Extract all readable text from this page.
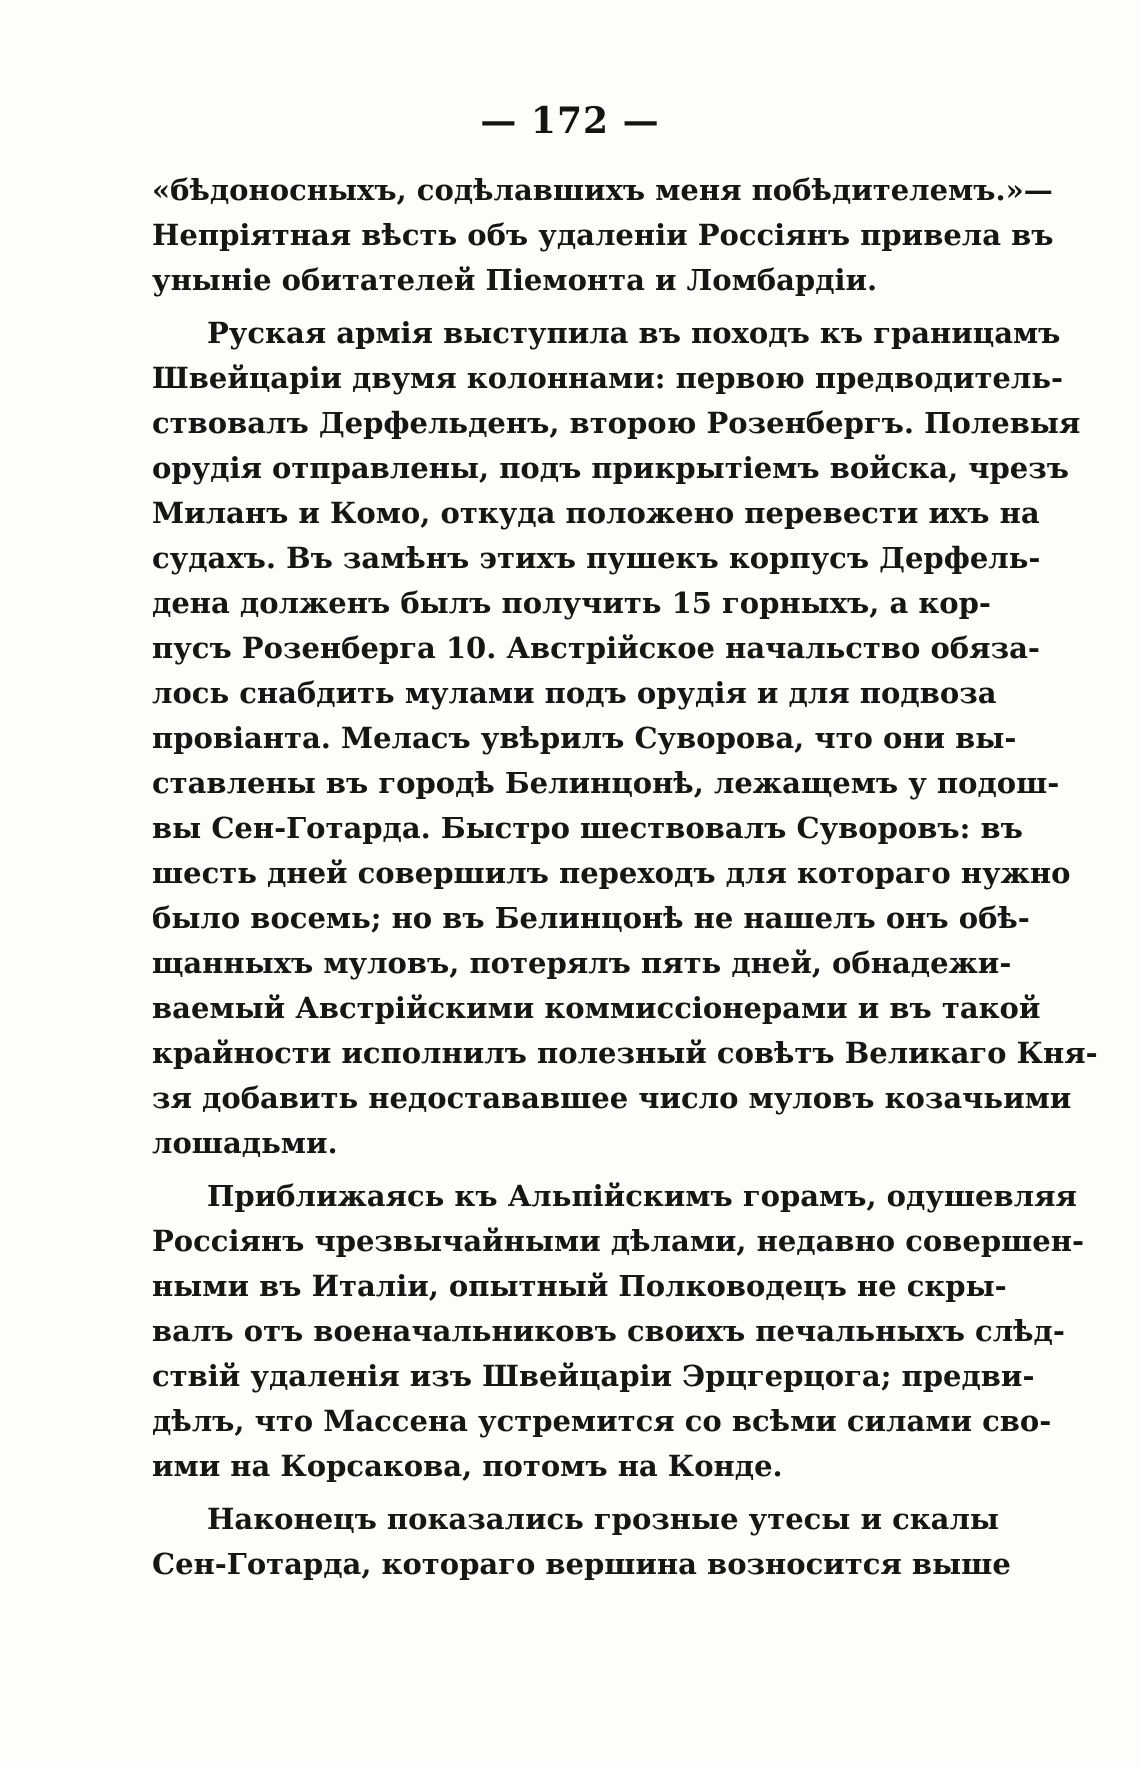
— 172 —
«бѣдоносныхъ, содѣлавшихъ меня побѣдителемъ.»—
Непріятная вѣсть объ удаленіи Россіянъ привела въ
уныніе обитателей Піемонта и Ломбардіи.
Руская армія выступила въ походъ къ границамъ
Швейцаріи двумя колоннами: первою предводитель-
ствовалъ Дерфельденъ, второю Розенбергъ. Полевыя
орудія отправлены, подъ прикрытіемъ войска, чрезъ
Миланъ и Комо, откуда положено перевести ихъ на
судахъ. Въ замѣнъ этихъ пушекъ корпусъ Дерфель-
дена долженъ былъ получить 15 горныхъ, а кор-
пусъ Розенберга 10. Австрійское начальство обяза-
лось снабдить мулами подъ орудія и для подвоза
провіанта. Меласъ увѣрилъ Суворова, что они вы-
ставлены въ городѣ Белинцонѣ, лежащемъ у подош-
вы Сен-Готарда. Быстро шествовалъ Суворовъ: въ
шесть дней совершилъ переходъ для котораго нужно
было восемь; но въ Белинцонѣ не нашелъ онъ обѣ-
щанныхъ муловъ, потерялъ пять дней, обнадежи-
ваемый Австрійскими коммиссіонерами и въ такой
крайности исполнилъ полезный совѣтъ Великаго Кня-
зя добавить недостававшее число муловъ козачьими
лошадьми.
Приближаясь къ Альпійскимъ горамъ, одушевляя
Россіянъ чрезвычайными дѣлами, недавно совершен-
ными въ Италіи, опытный Полководецъ не скры-
валъ отъ военачальниковъ своихъ печальныхъ слѣд-
ствій удаленія изъ Швейцаріи Эрцгерцога; предви-
дѣлъ, что Массена устремится со всѣми силами сво-
ими на Корсакова, потомъ на Конде.
Наконецъ показались грозные утесы и скалы
Сен-Готарда, котораго вершина возносится выше
